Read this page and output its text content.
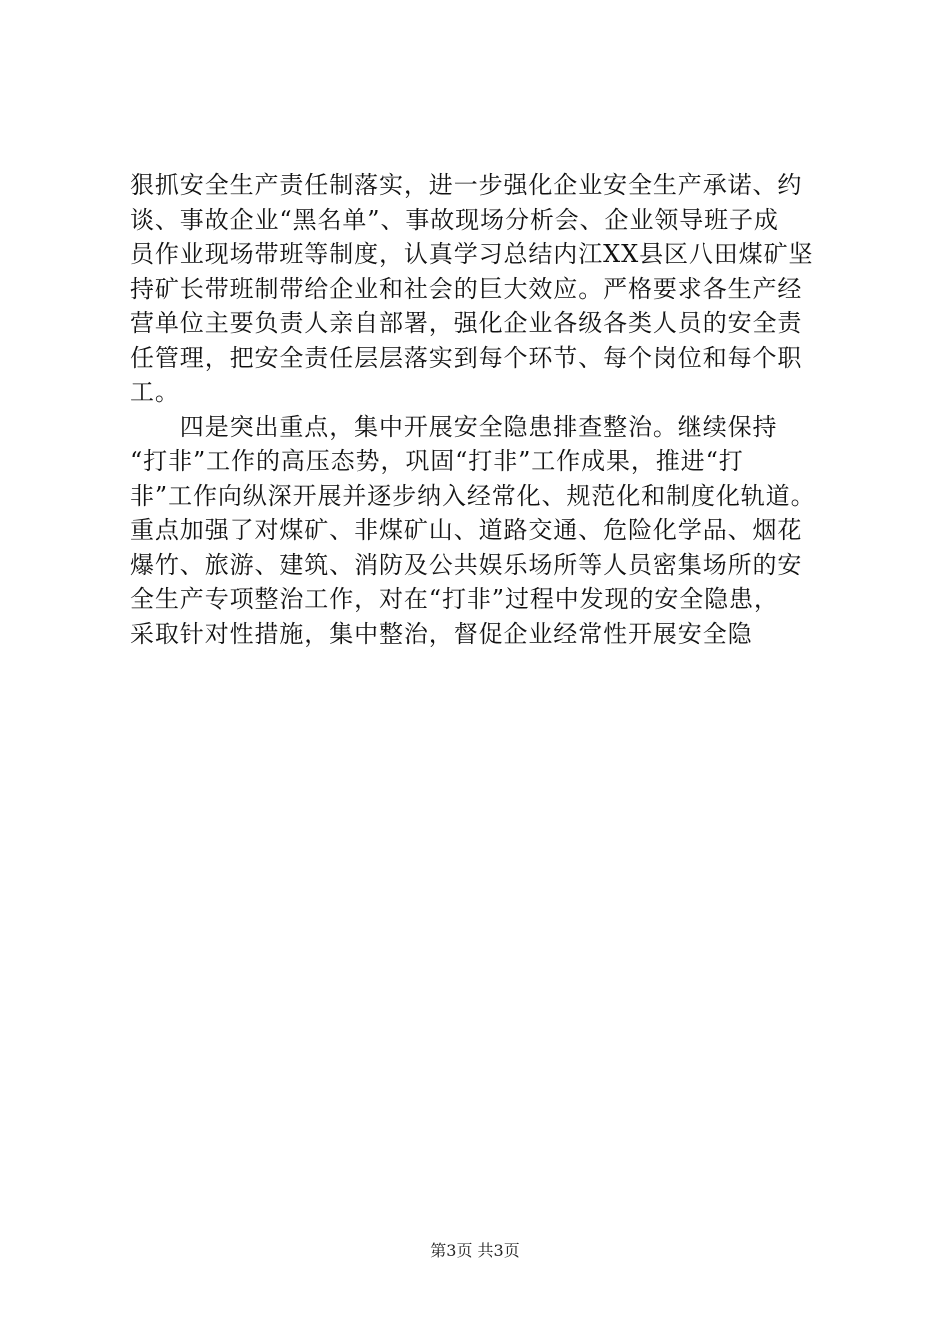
狠抓安全生产责任制落实，进一步强化企业安全生产承诺、约
谈、事故企业“黑名单”、事故现场分析会、企业领导班子成
员作业现场带班等制度，认真学习总结内江XX县区八田煤矿坚
持矿长带班制带给企业和社会的巨大效应。严格要求各生产经
营单位主要负责人亲自部署，强化企业各级各类人员的安全责
任管理，把安全责任层层落实到每个环节、每个岗位和每个职
工。
　　四是突出重点，集中开展安全隐患排查整治。继续保持
“打非”工作的高压态势，巩固“打非”工作成果，推进“打
非”工作向纵深开展并逐步纳入经常化、规范化和制度化轨道。
重点加强了对煤矿、非煤矿山、道路交通、危险化学品、烟花
爆竹、旅游、建筑、消防及公共娱乐场所等人员密集场所的安
全生产专项整治工作，对在“打非”过程中发现的安全隐患，
采取针对性措施，集中整治，督促企业经常性开展安全隐
第3页 共3页
